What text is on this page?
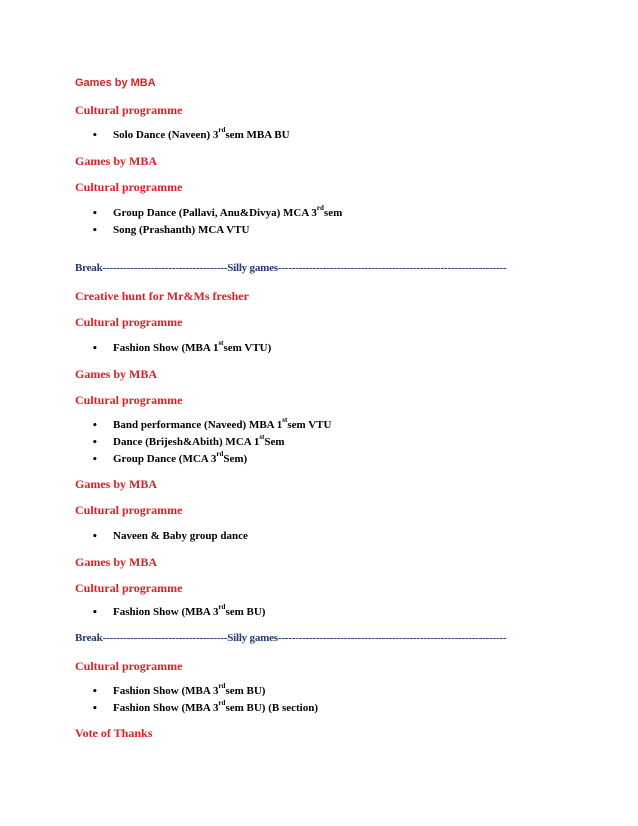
Games by MBA
Cultural programme
•Solo Dance (Naveen) 3rdsem MBA BU
Games by MBA
Cultural programme
•Group Dance (Pallavi, Anu&Divya) MCA 3rdsem
•Song (Prashanth) MCA VTU
Break------------------------------------Silly games------------------------------------------------------------------
Creative hunt for Mr&Ms fresher
Cultural programme
•Fashion Show (MBA 1stsem VTU)
Games by MBA
Cultural programme
•Band performance (Naveed) MBA 1stsem VTU
•Dance (Brijesh&Abith) MCA 1stSem
•Group Dance (MCA 3rdSem)
Games by MBA
Cultural programme
•Naveen & Baby group dance
Games by MBA
Cultural programme
•Fashion Show (MBA 3rdsem BU)
Break------------------------------------Silly games------------------------------------------------------------------
Cultural programme
•Fashion Show (MBA 3rdsem BU)
•Fashion Show (MBA 3rdsem BU) (B section)
Vote of Thanks
